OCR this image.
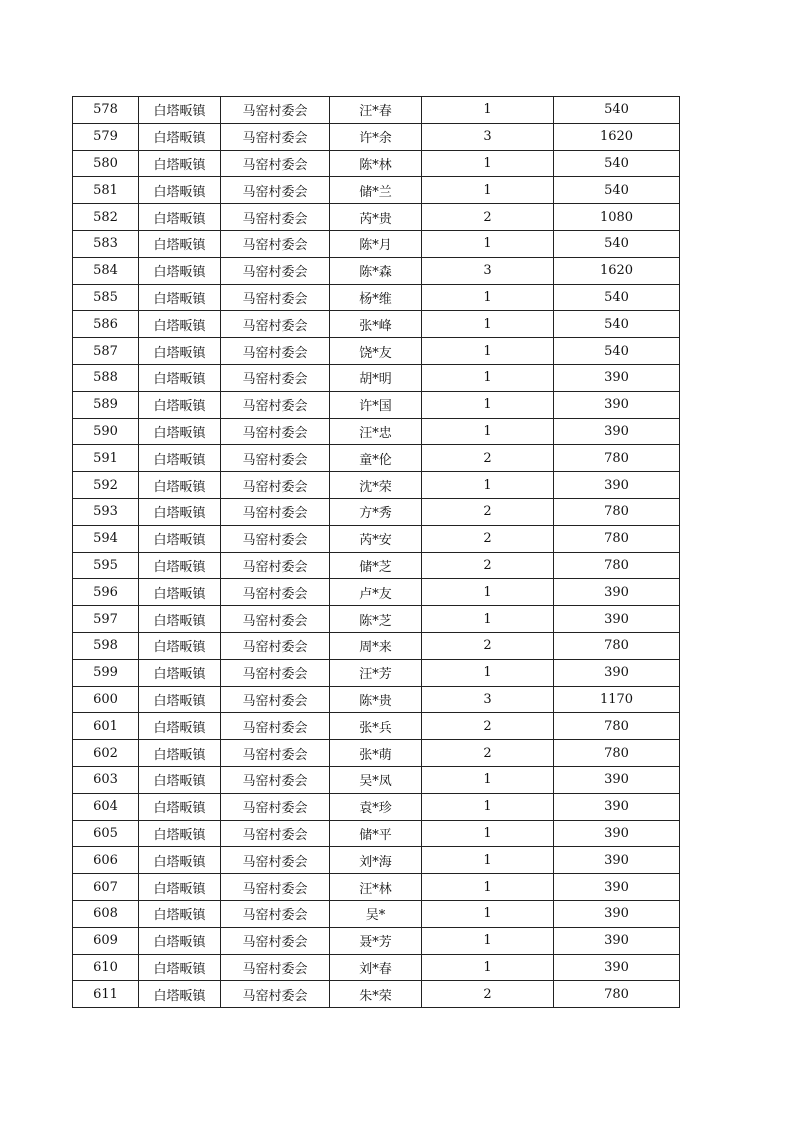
578	白塔畈镇	马窑村委会	汪*春	1	540
579	白塔畈镇	马窑村委会	许*余	3	1620
580	白塔畈镇	马窑村委会	陈*林	1	540
581	白塔畈镇	马窑村委会	储*兰	1	540
582	白塔畈镇	马窑村委会	芮*贵	2	1080
583	白塔畈镇	马窑村委会	陈*月	1	540
584	白塔畈镇	马窑村委会	陈*森	3	1620
585	白塔畈镇	马窑村委会	杨*维	1	540
586	白塔畈镇	马窑村委会	张*峰	1	540
587	白塔畈镇	马窑村委会	饶*友	1	540
588	白塔畈镇	马窑村委会	胡*明	1	390
589	白塔畈镇	马窑村委会	许*国	1	390
590	白塔畈镇	马窑村委会	汪*忠	1	390
591	白塔畈镇	马窑村委会	童*伦	2	780
592	白塔畈镇	马窑村委会	沈*荣	1	390
593	白塔畈镇	马窑村委会	方*秀	2	780
594	白塔畈镇	马窑村委会	芮*安	2	780
595	白塔畈镇	马窑村委会	储*芝	2	780
596	白塔畈镇	马窑村委会	卢*友	1	390
597	白塔畈镇	马窑村委会	陈*芝	1	390
598	白塔畈镇	马窑村委会	周*来	2	780
599	白塔畈镇	马窑村委会	汪*芳	1	390
600	白塔畈镇	马窑村委会	陈*贵	3	1170
601	白塔畈镇	马窑村委会	张*兵	2	780
602	白塔畈镇	马窑村委会	张*萌	2	780
603	白塔畈镇	马窑村委会	吴*凤	1	390
604	白塔畈镇	马窑村委会	袁*珍	1	390
605	白塔畈镇	马窑村委会	储*平	1	390
606	白塔畈镇	马窑村委会	刘*海	1	390
607	白塔畈镇	马窑村委会	汪*林	1	390
608	白塔畈镇	马窑村委会	吴*	1	390
609	白塔畈镇	马窑村委会	聂*芳	1	390
610	白塔畈镇	马窑村委会	刘*春	1	390
611	白塔畈镇	马窑村委会	朱*荣	2	780
